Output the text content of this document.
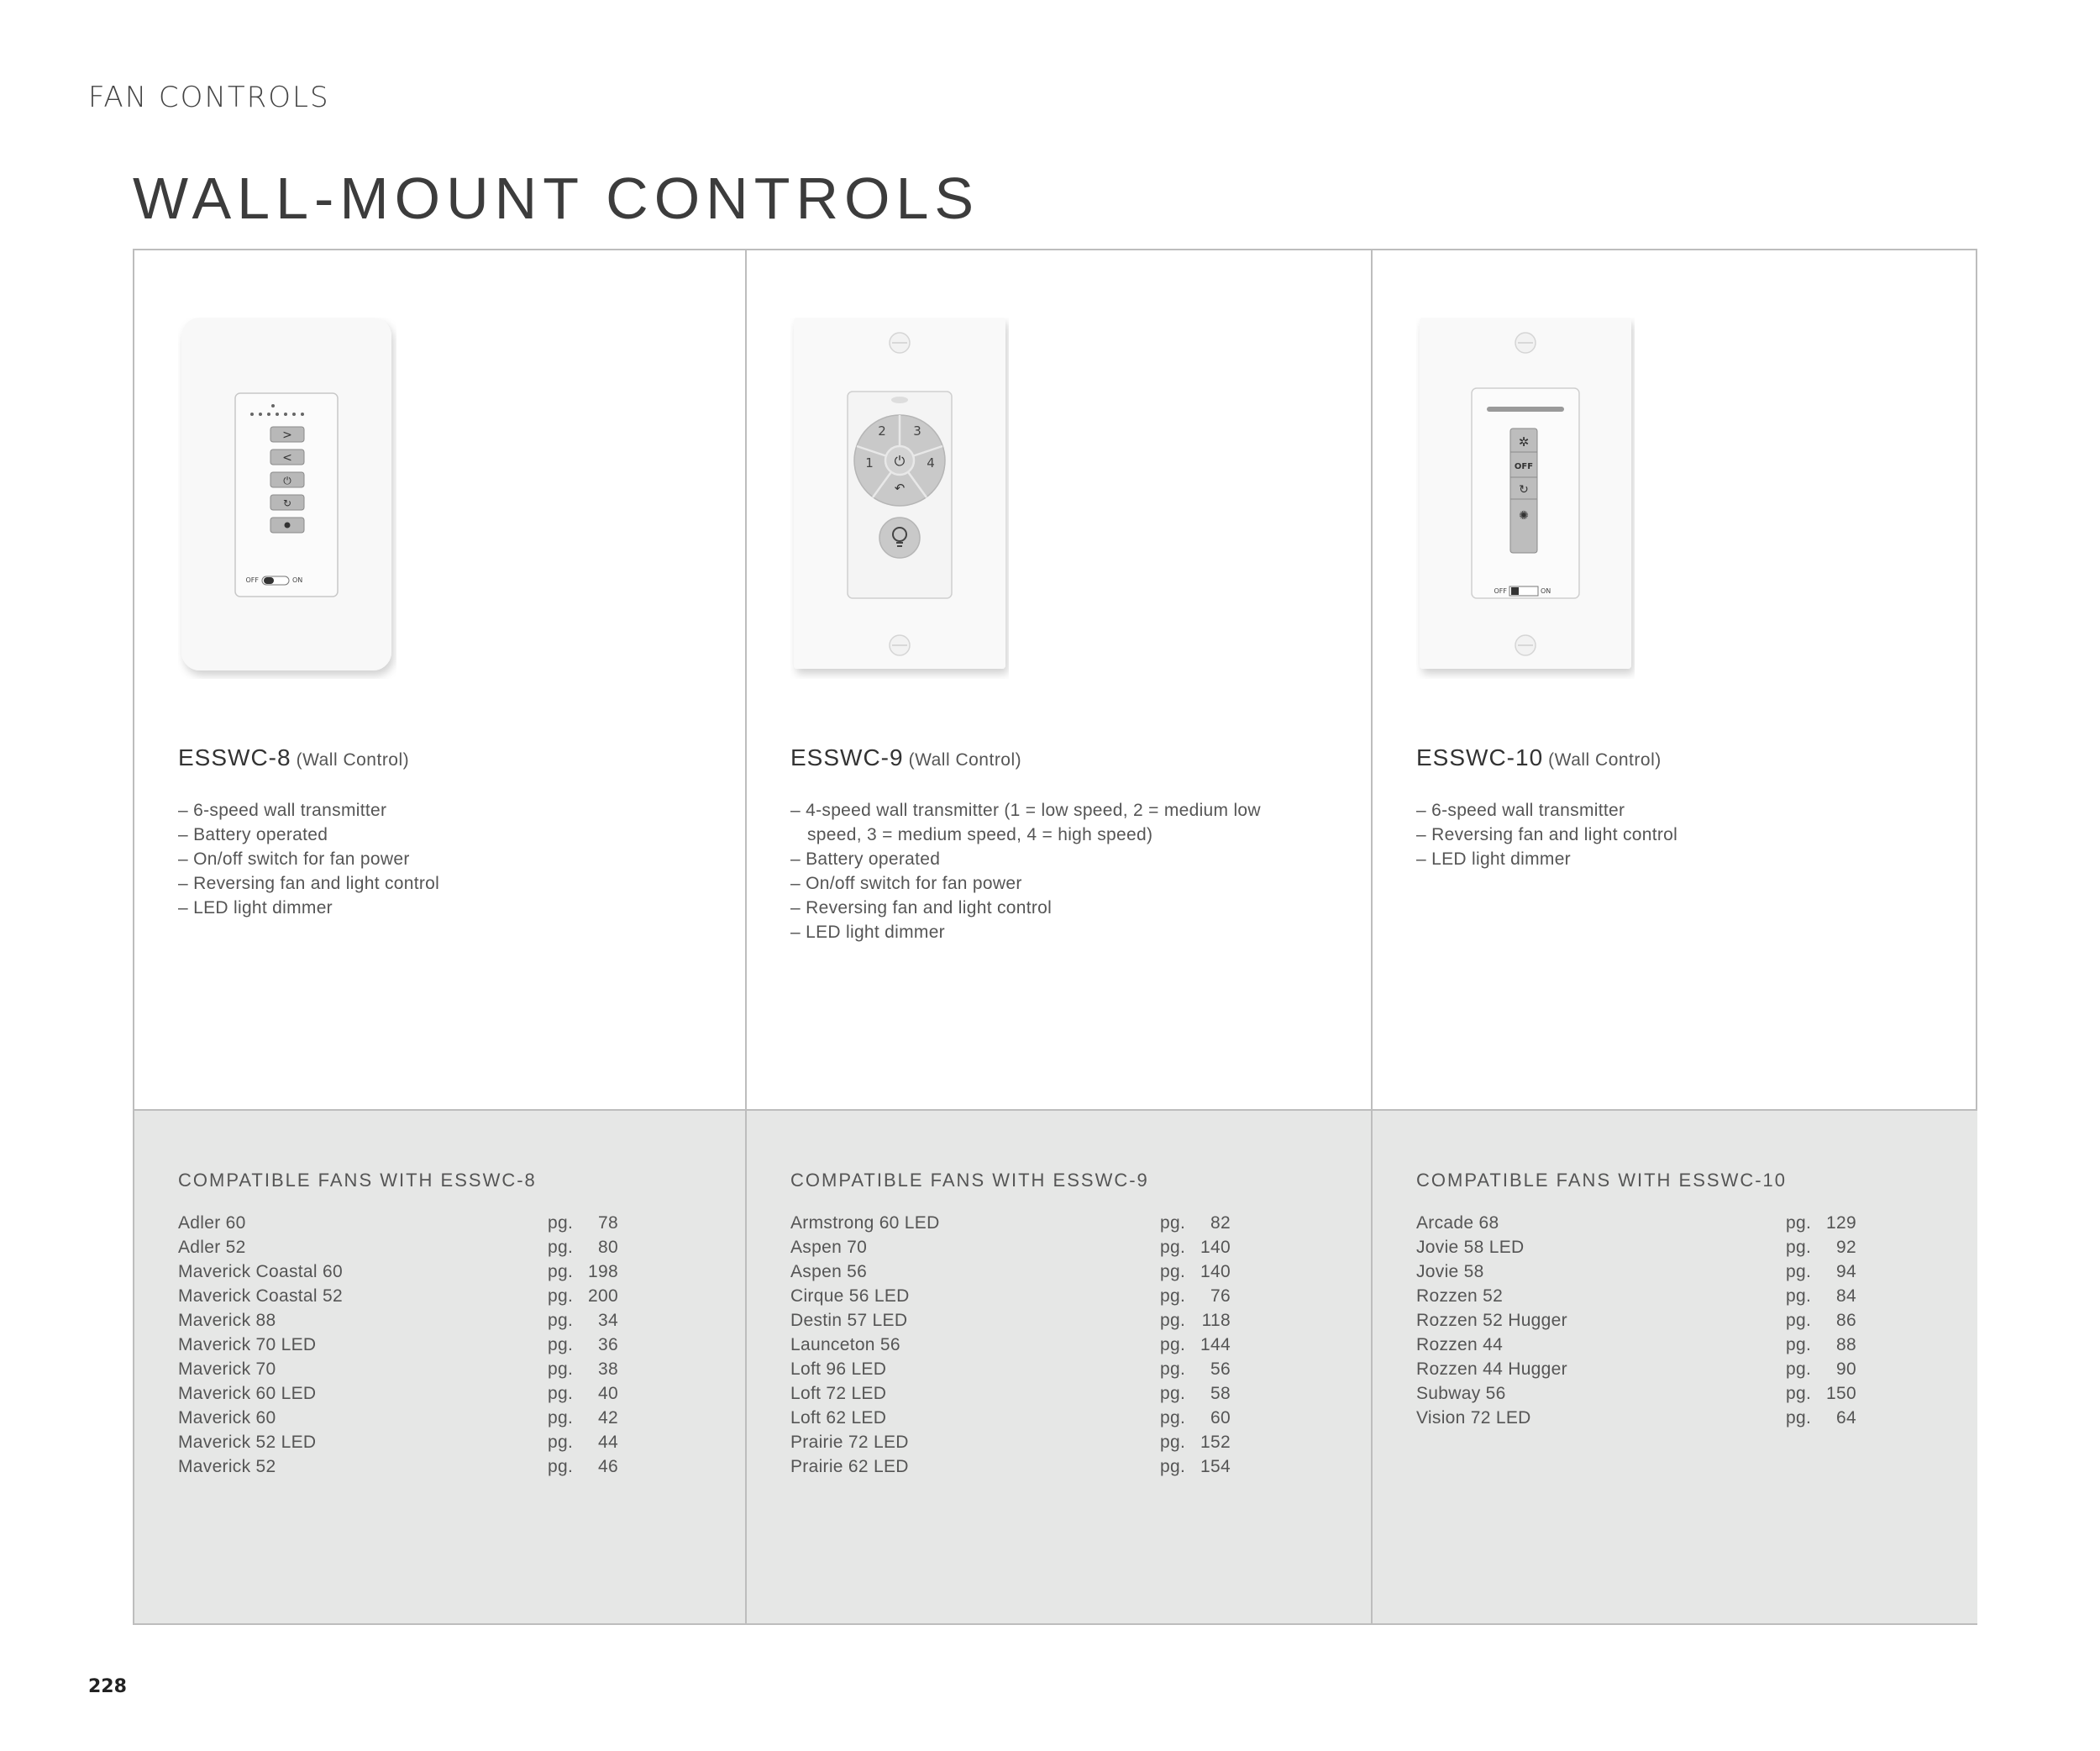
FAN CONTROLS
WALL-MOUNT CONTROLS
>
<
⏻
↻
OFF	ON
ESSWC-8 (Wall Control)
– 6-speed wall transmitter
– Battery operated
– On/off switch for fan power
– Reversing fan and light control
– LED light dimmer
COMPATIBLE FANS WITH ESSWC-8
Adler 60	pg. 78
Adler 52	pg. 80
Maverick Coastal 60	pg. 198
Maverick Coastal 52	pg. 200
Maverick 88	pg. 34
Maverick 70 LED	pg. 36
Maverick 70	pg. 38
Maverick 60 LED	pg. 40
Maverick 60	pg. 42
Maverick 52 LED	pg. 44
Maverick 52	pg. 46
⏻
2 3
1	4
↶
ESSWC-9 (Wall Control)
– 4-speed wall transmitter (1 = low speed, 2 = medium low speed, 3 = medium speed, 4 = high speed)
– Battery operated
– On/off switch for fan power
– Reversing fan and light control
– LED light dimmer
COMPATIBLE FANS WITH ESSWC-9
Armstrong 60 LED	pg. 82
Aspen 70	pg. 140
Aspen 56	pg. 140
Cirque 56 LED	pg. 76
Destin 57 LED	pg. 118
Launceton 56	pg. 144
Loft 96 LED	pg. 56
Loft 72 LED	pg. 58
Loft 62 LED	pg. 60
Prairie 72 LED	pg. 152
Prairie 62 LED	pg. 154
✲
OFF
↻
✺
OFF	ON
ESSWC-10 (Wall Control)
– 6-speed wall transmitter
– Reversing fan and light control
– LED light dimmer
COMPATIBLE FANS WITH ESSWC-10
Arcade 68	pg. 129
Jovie 58 LED	pg. 92
Jovie 58	pg. 94
Rozzen 52	pg. 84
Rozzen 52 Hugger	pg. 86
Rozzen 44	pg. 88
Rozzen 44 Hugger	pg. 90
Subway 56	pg. 150
Vision 72 LED	pg. 64
228
